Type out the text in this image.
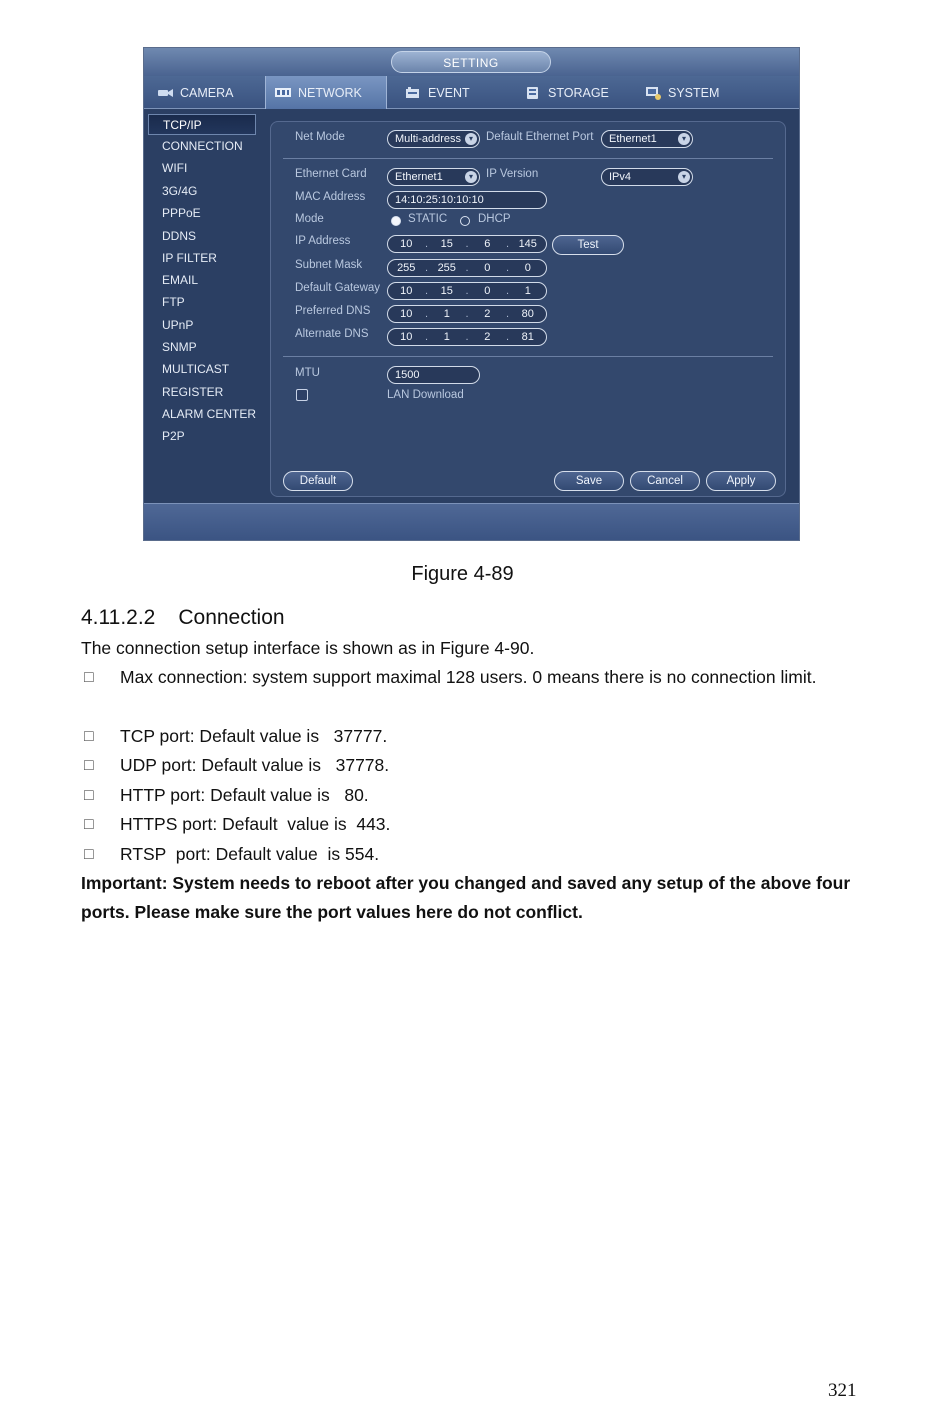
SETTING
CAMERA	NETWORK	EVENT	STORAGE	SYSTEM
TCP/IP
CONNECTION
WIFI
3G/4G
PPPoE
DDNS
IP FILTER
EMAIL
FTP
UPnP
SNMP
MULTICAST
REGISTER
ALARM CENTER
P2P
Net Mode	Multi-address ▾	Default Ethernet Port	Ethernet1	▾
Ethernet Card	Ethernet1	▾	IP Version	IPv4	▾
MAC Address	14:10:25:10:10:10
Mode	STATIC	DHCP
IP Address	10	.	15	.	6	. 145	Test
Subnet Mask	255 . 255 .	0	.	0
Default Gateway	10	.	15	.	0	.	1
Preferred DNS	10	.	1	.	2	.	80
Alternate DNS	10	.	1	.	2	.	81
MTU	1500
LAN Download
Default	Save	Cancel	Apply
Figure 4-89
4.11.2.2 Connection
The connection setup interface is shown as in Figure 4-90.
□ Max connection: system support maximal 128 users. 0 means there is no connection limit.
□ TCP port: Default value is   37777.
□ UDP port: Default value is   37778.
□ HTTP port: Default value is   80.
□ HTTPS port: Default  value is  443.
□ RTSP  port: Default value  is 554.
Important: System needs to reboot after you changed and saved any setup of the above four ports. Please make sure the port values here do not conflict.
321
